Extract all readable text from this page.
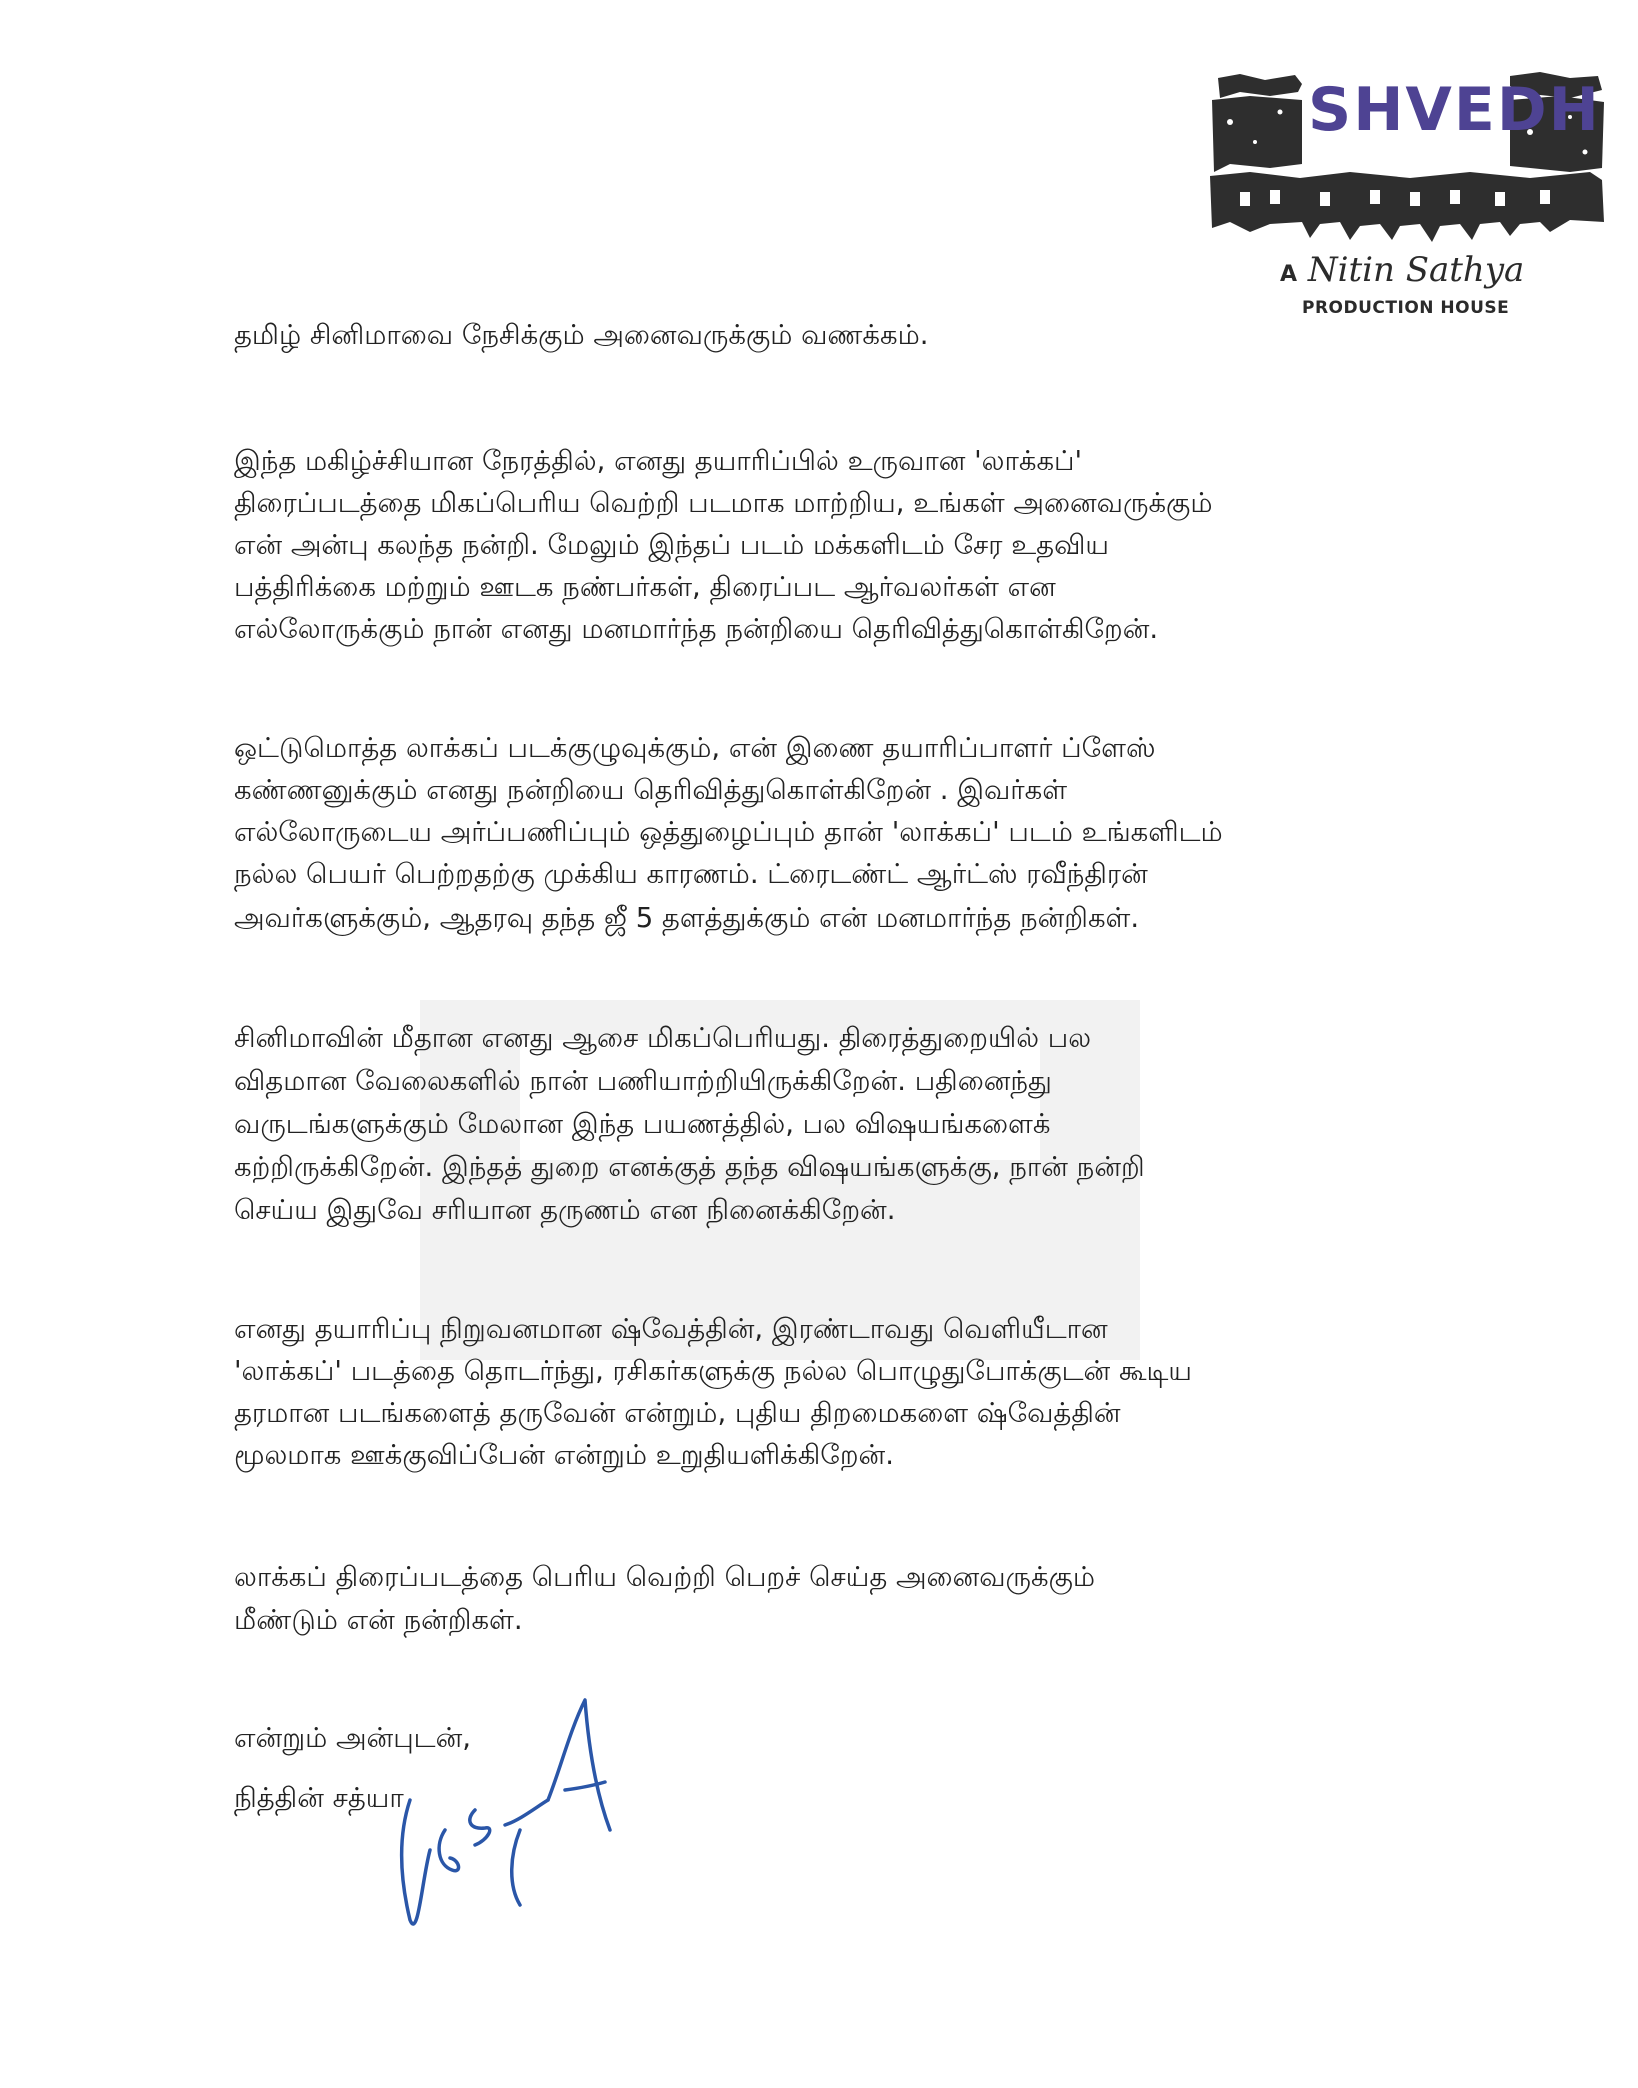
SHVEDH
A Nitin Sathya
PRODUCTION HOUSE
தமிழ் சினிமாவை நேசிக்கும் அனைவருக்கும் வணக்கம்.
இந்த மகிழ்ச்சியான நேரத்தில், எனது தயாரிப்பில் உருவான 'லாக்கப்'
திரைப்படத்தை மிகப்பெரிய வெற்றி படமாக மாற்றிய, உங்கள் அனைவருக்கும்
என் அன்பு கலந்த நன்றி. மேலும் இந்தப் படம் மக்களிடம் சேர உதவிய
பத்திரிக்கை மற்றும் ஊடக நண்பர்கள், திரைப்பட ஆர்வலர்கள் என
எல்லோருக்கும் நான் எனது மனமார்ந்த நன்றியை தெரிவித்துகொள்கிறேன்.
ஒட்டுமொத்த லாக்கப் படக்குழுவுக்கும், என் இணை தயாரிப்பாளர் ப்ளேஸ்
கண்ணனுக்கும் எனது நன்றியை தெரிவித்துகொள்கிறேன் . இவர்கள்
எல்லோருடைய அர்ப்பணிப்பும் ஒத்துழைப்பும் தான் 'லாக்கப்' படம் உங்களிடம்
நல்ல பெயர் பெற்றதற்கு முக்கிய காரணம். ட்ரைடண்ட் ஆர்ட்ஸ் ரவீந்திரன்
அவர்களுக்கும், ஆதரவு தந்த ஜீ 5 தளத்துக்கும் என் மனமார்ந்த நன்றிகள்.
சினிமாவின் மீதான எனது ஆசை மிகப்பெரியது. திரைத்துறையில் பல
விதமான வேலைகளில் நான் பணியாற்றியிருக்கிறேன். பதினைந்து
வருடங்களுக்கும் மேலான இந்த பயணத்தில், பல விஷயங்களைக்
கற்றிருக்கிறேன். இந்தத் துறை எனக்குத் தந்த விஷயங்களுக்கு, நான் நன்றி
செய்ய இதுவே சரியான தருணம் என நினைக்கிறேன்.
எனது தயாரிப்பு நிறுவனமான ஷ்வேத்தின், இரண்டாவது வெளியீடான
'லாக்கப்' படத்தை தொடர்ந்து, ரசிகர்களுக்கு நல்ல பொழுதுபோக்குடன் கூடிய
தரமான படங்களைத் தருவேன் என்றும், புதிய திறமைகளை ஷ்வேத்தின்
மூலமாக ஊக்குவிப்பேன் என்றும் உறுதியளிக்கிறேன்.
லாக்கப் திரைப்படத்தை பெரிய வெற்றி பெறச் செய்த அனைவருக்கும்
மீண்டும் என் நன்றிகள்.
என்றும் அன்புடன்,
நித்தின் சத்யா
